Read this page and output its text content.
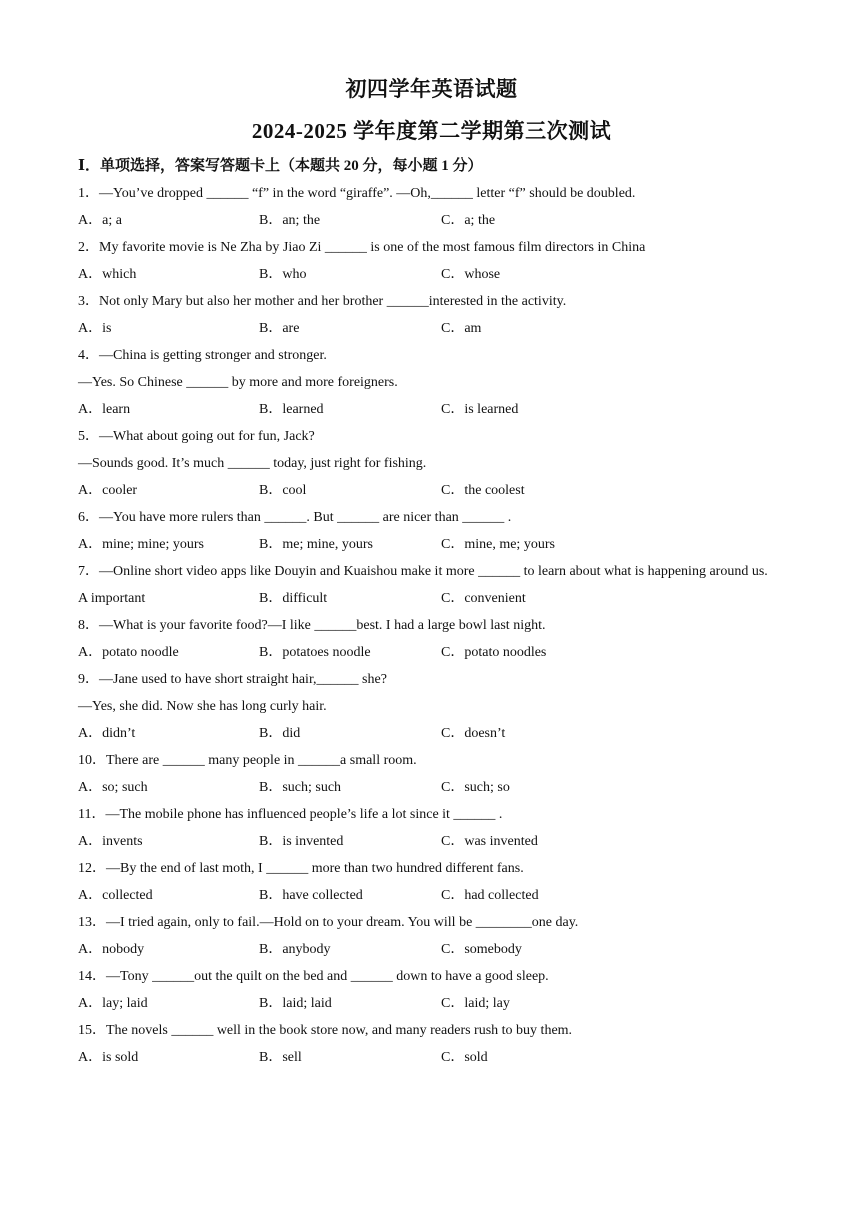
初四学年英语试题
2024-2025 学年度第二学期第三次测试
Ⅰ．单项选择，答案写答题卡上（本题共 20 分，每小题 1 分）
1．—You’ve dropped ______ “f” in the word “giraffe”. —Oh,______ letter “f” should be doubled.
A．a; a	B．an; the	C．a; the
2．My favorite movie is Ne Zha by Jiao Zi ______ is one of the most famous film directors in China
A．which	B．who	C．whose
3．Not only Mary but also her mother and her brother ______interested in the activity.
A．is	B．are	C．am
4．—China is getting stronger and stronger.
—Yes. So Chinese ______ by more and more foreigners.
A．learn	B．learned	C．is learned
5．—What about going out for fun, Jack?
—Sounds good. It’s much ______ today, just right for fishing.
A．cooler	B．cool	C．the coolest
6．—You have more rulers than ______. But ______ are nicer than ______ .
A．mine; mine; yours	B．me; mine, yours	C．mine, me; yours
7．—Online short video apps like Douyin and Kuaishou make it more ______ to learn about what is happening around us.
A important	B．difficult	C．convenient
8．—What is your favorite food?—I like ______best. I had a large bowl last night.
A．potato noodle	B．potatoes noodle	C．potato noodles
9．—Jane used to have short straight hair,______ she?
—Yes, she did. Now she has long curly hair.
A．didn’t	B．did	C．doesn’t
10．There are ______ many people in ______a small room.
A．so; such	B．such; such	C．such; so
11．—The mobile phone has influenced people’s life a lot since it ______ .
A．invents	B．is invented	C．was invented
12．—By the end of last moth, I ______ more than two hundred different fans.
A．collected	B．have collected	C．had collected
13．—I tried again, only to fail.—Hold on to your dream. You will be ________one day.
A．nobody	B．anybody	C．somebody
14．—Tony ______out the quilt on the bed and ______ down to have a good sleep.
A．lay; laid	B．laid; laid	C．laid; lay
15．The novels ______ well in the book store now, and many readers rush to buy them.
A．is sold	B．sell	C．sold
